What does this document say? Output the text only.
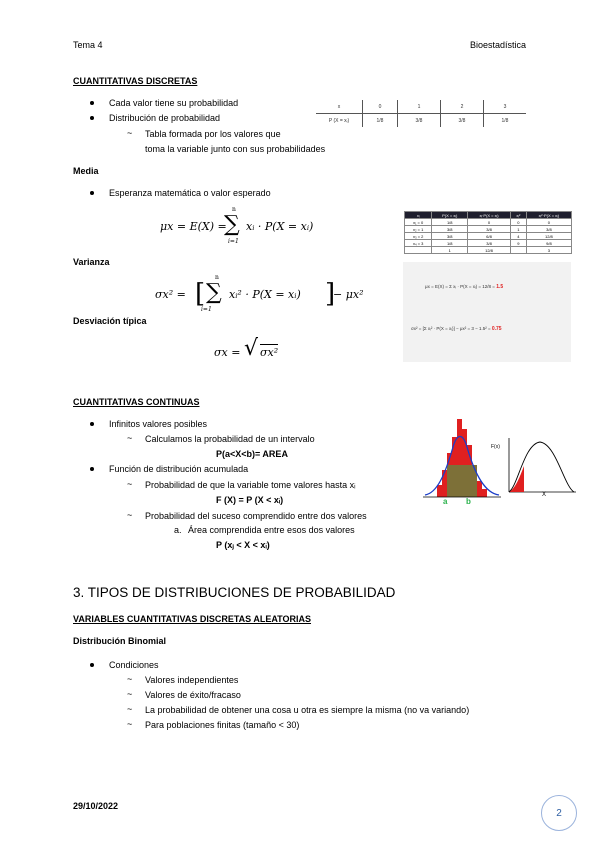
Tema 4	Bioestadística
CUANTITATIVAS DISCRETAS
Cada valor tiene su probabilidad
Distribución de probabilidad
~ Tabla formada por los valores que
toma la variable junto con sus probabilidades
x	0	1	2	3
P (X = xᵢ)	1/8	3/8	3/8	1/8
Media
Esperanza matemática o valor esperado
μx = E(X) =
n
∑
i=1
xᵢ · P(X = xᵢ)
xᵢ	P(X = xᵢ)	xᵢ·P(X = xᵢ)	xᵢ²	xᵢ²·P(X = xᵢ)
x₁ = 0	1/8	0	0	0
x₂ = 1	3/8	3/8	1	3/8
x₃ = 2	3/8	6/8	4	12/8
x₄ = 3	1/8	3/8	9	9/8
	1	12/8		3
μx = E(X) = Σ xᵢ · P(X = xᵢ) = 12/8 = 1.5
σx² = [Σ xᵢ² · P(X = xᵢ)] − μx² = 3 − 1.5² = 0.75
Varianza
σx² = [
n
∑
i=1
xᵢ² · P(X = xᵢ) ]
− μx²
Desviación típica
σx = √ σx²
CUANTITATIVAS CONTINUAS
Infinitos valores posibles
~ Calculamos la probabilidad de un intervalo
P(a<X<b)= AREA
Función de distribución acumulada
~ Probabilidad de que la variable tome valores hasta xᵢ
F (X) = P (X < xᵢ)
~ Probabilidad del suceso comprendido entre dos valores
a. Área comprendida entre esos dos valores
P (xⱼ < X < xᵢ)
a b
F(x)
X
3. TIPOS DE DISTRIBUCIONES DE PROBABILIDAD
VARIABLES CUANTITATIVAS DISCRETAS ALEATORIAS
Distribución Binomial
Condiciones
~ Valores independientes
~ Valores de éxito/fracaso
~ La probabilidad de obtener una cosa u otra es siempre la misma (no va variando)
~ Para poblaciones finitas (tamaño < 30)
29/10/2022
2
